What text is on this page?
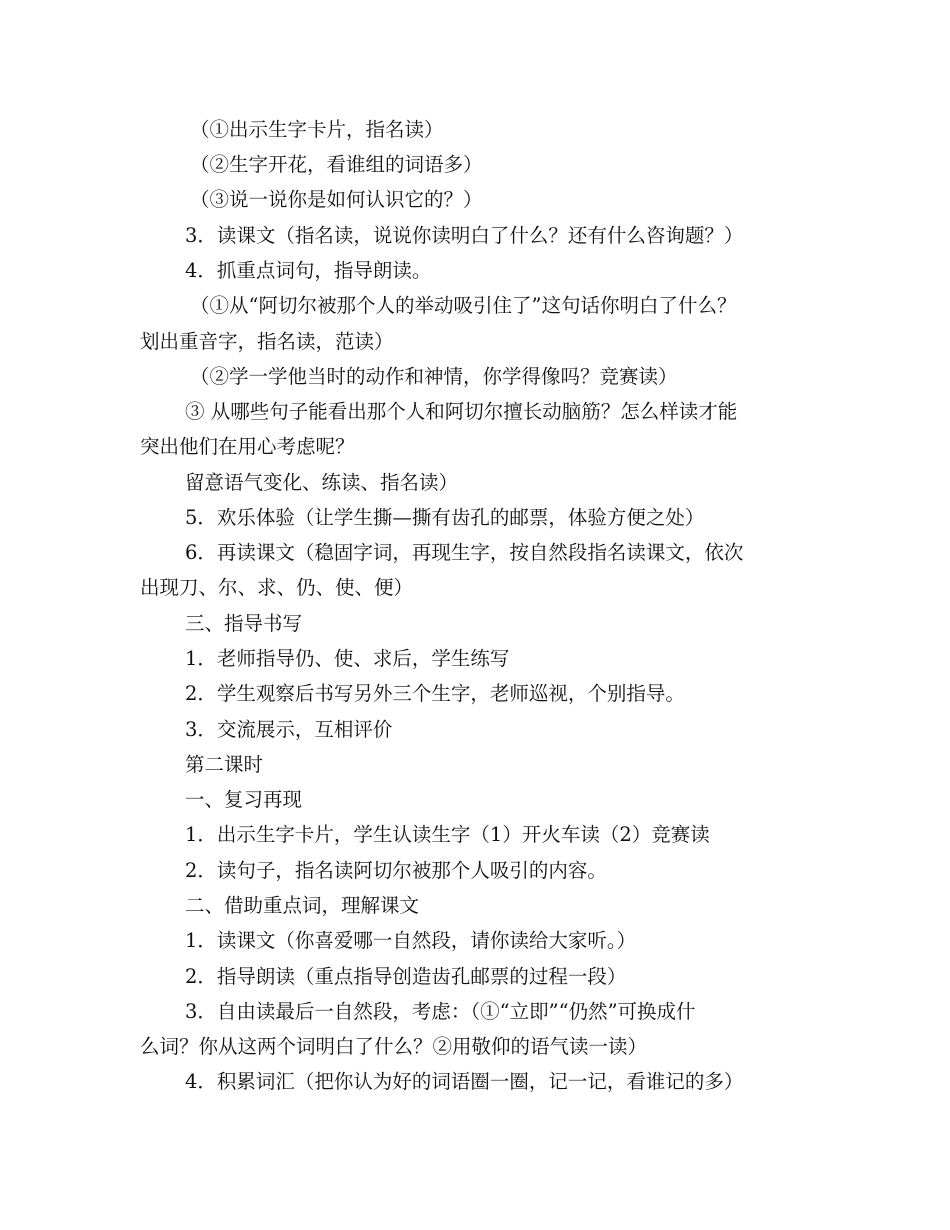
（①出示生字卡片，指名读）
（②生字开花，看谁组的词语多）
（③说一说你是如何认识它的？）
3．读课文（指名读，说说你读明白了什么？还有什么咨询题？）
4．抓重点词句，指导朗读。
（①从“阿切尔被那个人的举动吸引住了”这句话你明白了什么？
划出重音字，指名读，范读）
（②学一学他当时的动作和神情，你学得像吗？竞赛读）
③ 从哪些句子能看出那个人和阿切尔擅长动脑筋？怎么样读才能
突出他们在用心考虑呢？
留意语气变化、练读、指名读）
5．欢乐体验（让学生撕—撕有齿孔的邮票，体验方便之处）
6．再读课文（稳固字词，再现生字，按自然段指名读课文，依次
出现刀、尔、求、仍、使、便）
三、指导书写
1．老师指导仍、使、求后，学生练写
2．学生观察后书写另外三个生字，老师巡视，个别指导。
3．交流展示，互相评价
第二课时
一、复习再现
1．出示生字卡片，学生认读生字（1）开火车读（2）竞赛读
2．读句子，指名读阿切尔被那个人吸引的内容。
二、借助重点词，理解课文
1．读课文（你喜爱哪一自然段，请你读给大家听。）
2．指导朗读（重点指导创造齿孔邮票的过程一段）
3．自由读最后一自然段，考虑：（①“立即”“仍然”可换成什
么词？你从这两个词明白了什么？②用敬仰的语气读一读）
4．积累词汇（把你认为好的词语圈一圈，记一记，看谁记的多）
